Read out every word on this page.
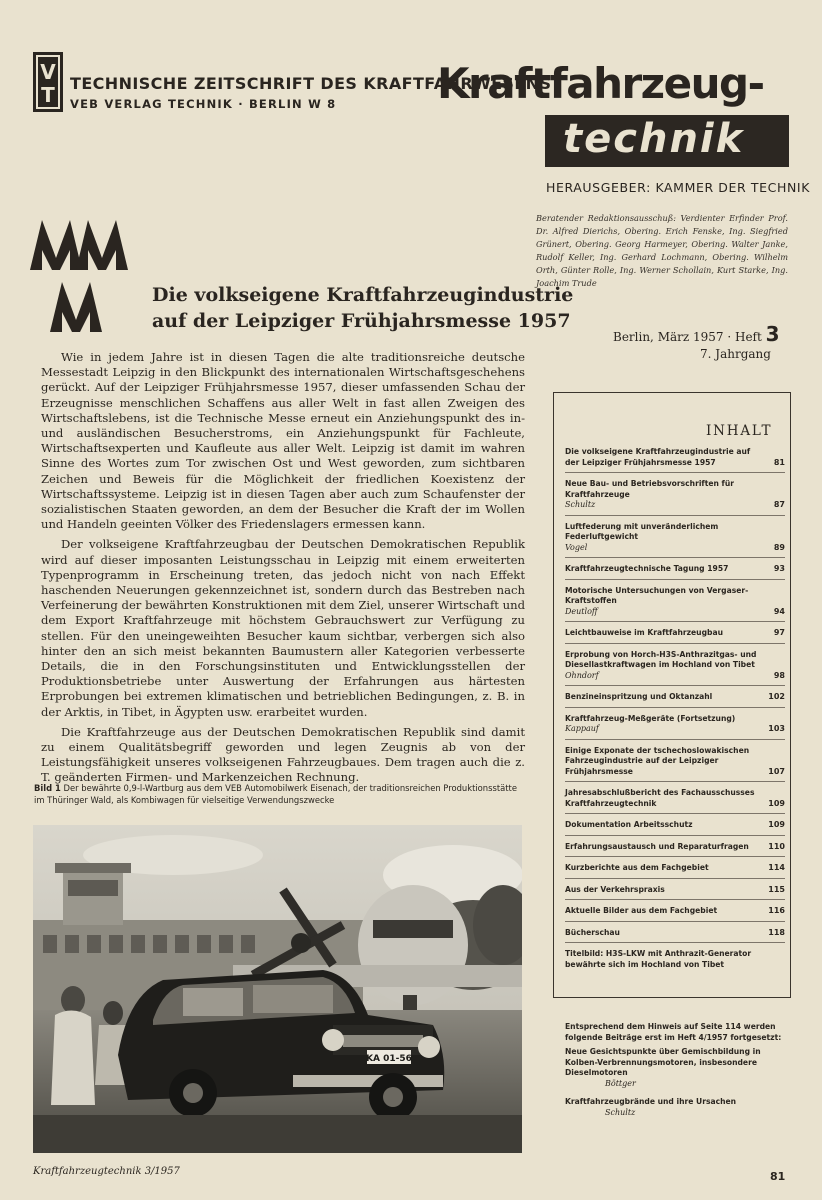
V
T TECHNISCHE ZEITSCHRIFT DES KRAFTFAHRWESENS
VEB VERLAG TECHNIK · BERLIN W 8 Kraftfahrzeug-
technik
HERAUSGEBER: KAMMER DER TECHNIK
Beratender Redaktionsausschuß: Verdienter Erfinder Prof. Dr. Alfred Dierichs, Obering. Erich Fenske, Ing. Siegfried Grünert, Obering. Georg Harmeyer, Obering. Walter Janke, Rudolf Keller, Ing. Gerhard Lochmann, Obering. Wilhelm Orth, Günter Rolle, Ing. Werner Schollain, Kurt Starke, Ing. Joachim Trude
Die volkseigene Kraftfahrzeugindustrie
auf der Leipziger Frühjahrsmesse 1957
Berlin, März 1957 · Heft 3
7. Jahrgang

Wie in jedem Jahre ist in diesen Tagen die alte traditionsreiche deutsche Messestadt Leipzig in den Blickpunkt des internationalen Wirtschaftsgeschehens gerückt. Auf der Leipziger Frühjahrsmesse 1957, dieser umfassenden Schau der Erzeugnisse menschlichen Schaffens aus aller Welt in fast allen Zweigen des Wirtschaftslebens, ist die Technische Messe erneut ein Anziehungspunkt des in- und ausländischen Besucherstroms, ein Anziehungspunkt für Fachleute, Wirtschaftsexperten und Kaufleute aus aller Welt. Leipzig ist damit im wahren Sinne des Wortes zum Tor zwischen Ost und West geworden, zum sichtbaren Zeichen und Beweis für die Möglichkeit der friedlichen Koexistenz der Wirtschaftssysteme. Leipzig ist in diesen Tagen aber auch zum Schaufenster der sozialistischen Staaten geworden, an dem der Besucher die Kraft der im Wollen und Handeln geeinten Völker des Friedenslagers ermessen kann.

Der volkseigene Kraftfahrzeugbau der Deutschen Demokratischen Republik wird auf dieser imposanten Leistungsschau in Leipzig mit einem erweiterten Typenprogramm in Erscheinung treten, das jedoch nicht von nach Effekt haschenden Neuerungen gekennzeichnet ist, sondern durch das Bestreben nach Verfeinerung der bewährten Konstruktionen mit dem Ziel, unserer Wirtschaft und dem Export Kraftfahrzeuge mit höchstem Gebrauchswert zur Verfügung zu stellen. Für den uneingeweihten Besucher kaum sichtbar, verbergen sich also hinter den an sich meist bekannten Baumustern aller Kategorien verbesserte Details, die in den Forschungsinstituten und Entwicklungsstellen der Produktionsbetriebe unter Auswertung der Erfahrungen aus härtesten Erprobungen bei extremen klimatischen und betrieblichen Bedingungen, z. B. in der Arktis, in Tibet, in Ägypten usw. erarbeitet wurden.

Die Kraftfahrzeuge aus der Deutschen Demokratischen Republik sind damit zu einem Qualitätsbegriff geworden und legen Zeugnis ab von der Leistungsfähigkeit unseres volkseigenen Fahrzeugbaues. Dem tragen auch die z. T. geänderten Firmen- und Markenzeichen Rechnung.

Bild 1 Der bewährte 0,9-l-Wartburg aus dem VEB Automobilwerk Eisenach, der traditionsreichen Produktionsstätte im Thüringer Wald, als Kombiwagen für vielseitige Verwendungszwecke
KA 01-56
INHALT
Die volkseigene Kraftfahrzeugindustrie auf der Leipziger Frühjahrsmesse 1957	81
Neue Bau- und Betriebsvorschriften für Kraftfahrzeuge
Schultz	87
Luftfederung mit unveränderlichem Federluftgewicht
Vogel	89
Kraftfahrzeugtechnische Tagung 1957	93
Motorische Untersuchungen von Vergaser-Kraftstoffen
Deutloff	94
Leichtbauweise im Kraftfahrzeugbau	97
Erprobung von Horch-H3S-Anthrazitgas- und Diesellastkraftwagen im Hochland von Tibet
Ohndorf	98
Benzineinspritzung und Oktanzahl	102
Kraftfahrzeug-Meßgeräte (Fortsetzung)
Kappauf	103
Einige Exponate der tschechoslowakischen Fahrzeugindustrie auf der Leipziger Frühjahrsmesse	107
Jahresabschlußbericht des Fachausschusses Kraftfahrzeugtechnik	109
Dokumentation Arbeitsschutz	109
Erfahrungsaustausch und Reparaturfragen	110
Kurzberichte aus dem Fachgebiet	114
Aus der Verkehrspraxis	115
Aktuelle Bilder aus dem Fachgebiet	116
Bücherschau	118
Titelbild: H3S-LKW mit Anthrazit-Generator bewährte sich im Hochland von Tibet
Entsprechend dem Hinweis auf Seite 114 werden folgende Beiträge erst im Heft 4/1957 fortgesetzt:
Neue Gesichtspunkte über Gemischbildung in Kolben-Verbrennungsmotoren, insbesondere Dieselmotoren
Böttger
Kraftfahrzeugbrände und ihre Ursachen
Schultz
Kraftfahrzeugtechnik 3/1957	81
